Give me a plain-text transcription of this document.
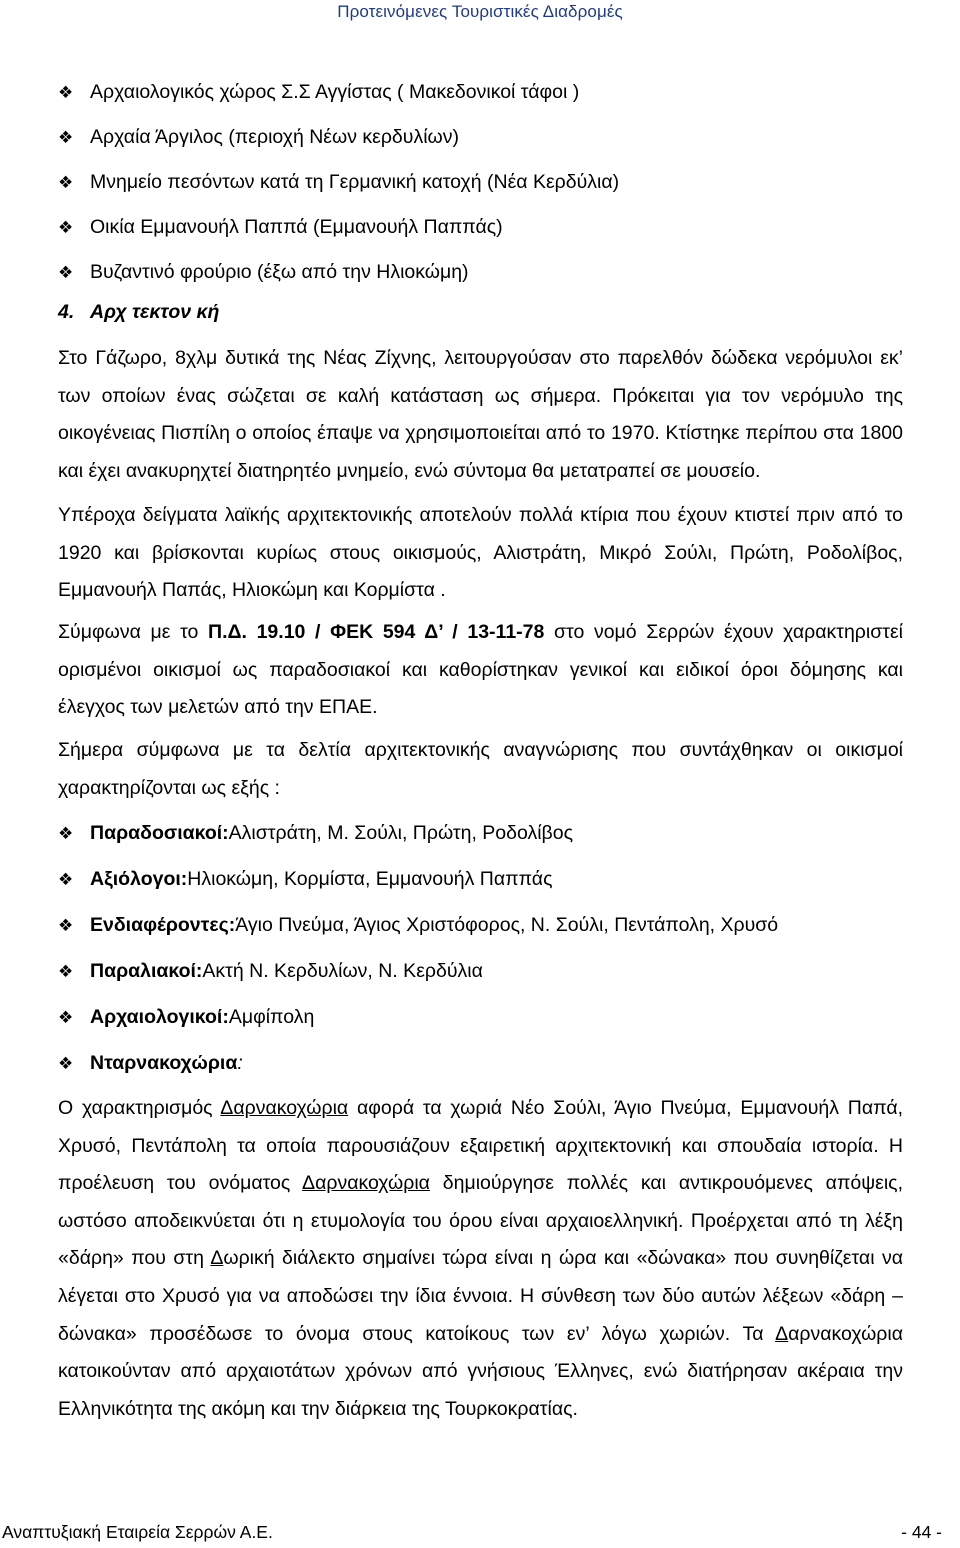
Προτεινόμενες Τουριστικές Διαδρομές
❖ Αρχαιολογικός χώρος Σ.Σ Αγγίστας ( Μακεδονικοί τάφοι )
❖ Αρχαία Άργιλος (περιοχή Νέων κερδυλίων)
❖ Μνημείο πεσόντων κατά τη Γερμανική κατοχή (Νέα Κερδύλια)
❖ Οικία Εμμανουήλ Παππά (Εμμανουήλ Παππάς)
❖ Βυζαντινό φρούριο (έξω από την Ηλιοκώμη)
4. Αρχ τεκτον κή
Στο Γάζωρο, 8χλμ δυτικά της Νέας Ζίχνης, λειτουργούσαν στο παρελθόν δώδεκα νερόμυλοι εκ’ των οποίων ένας σώζεται σε καλή κατάσταση ως σήμερα. Πρόκειται για τον νερόμυλο της οικογένειας Πισπίλη ο οποίος έπαψε να χρησιμοποιείται από το 1970. Κτίστηκε περίπου στα 1800 και έχει ανακυρηχτεί διατηρητέο μνημείο, ενώ σύντομα θα μετατραπεί σε μουσείο.
Υπέροχα δείγματα λαϊκής αρχιτεκτονικής αποτελούν πολλά κτίρια που έχουν κτιστεί πριν από το 1920 και βρίσκονται κυρίως στους οικισμούς, Αλιστράτη, Μικρό Σούλι, Πρώτη, Ροδολίβος, Εμμανουήλ Παπάς, Ηλιοκώμη και Κορμίστα .
Σύμφωνα με το Π.Δ. 19.10 / ΦΕΚ 594 Δ’ / 13-11-78 στο νομό Σερρών έχουν χαρακτηριστεί ορισμένοι οικισμοί ως παραδοσιακοί και καθορίστηκαν γενικοί και ειδικοί όροι δόμησης και έλεγχος των μελετών από την ΕΠΑΕ.
Σήμερα σύμφωνα με τα δελτία αρχιτεκτονικής αναγνώρισης που συντάχθηκαν οι οικισμοί χαρακτηρίζονται ως εξής :
❖ Παραδοσιακοί: Αλιστράτη, Μ. Σούλι, Πρώτη, Ροδολίβος
❖ Αξιόλογοι: Ηλιοκώμη, Κορμίστα, Εμμανουήλ Παππάς
❖ Ενδιαφέροντες: Άγιο Πνεύμα, Άγιος Χριστόφορος, Ν. Σούλι, Πεντάπολη, Χρυσό
❖ Παραλιακοί: Ακτή Ν. Κερδυλίων, Ν. Κερδύλια
❖ Αρχαιολογικοί: Αμφίπολη
❖ Νταρνακοχώρια :
Ο χαρακτηρισμός Δαρνακοχώρια αφορά τα χωριά Νέο Σούλι, Άγιο Πνεύμα, Εμμανουήλ Παπά, Χρυσό, Πεντάπολη τα οποία παρουσιάζουν εξαιρετική αρχιτεκτονική και σπουδαία ιστορία. Η προέλευση του ονόματος Δαρνακοχώρια δημιούργησε πολλές και αντικρουόμενες απόψεις, ωστόσο αποδεικνύεται ότι η ετυμολογία του όρου είναι αρχαιοελληνική. Προέρχεται από τη λέξη «δάρη» που στη Δωρική διάλεκτο σημαίνει τώρα είναι η ώρα και «δώνακα» που συνηθίζεται να λέγεται στο Χρυσό για να αποδώσει την ίδια έννοια. Η σύνθεση των δύο αυτών λέξεων «δάρη – δώνακα» προσέδωσε το όνομα στους κατοίκους των εν’ λόγω χωριών. Τα Δαρνακοχώρια κατοικούνταν από αρχαιοτάτων χρόνων από γνήσιους Έλληνες, ενώ διατήρησαν ακέραια την Ελληνικότητα της ακόμη και την διάρκεια της Τουρκοκρατίας.
Αναπτυξιακή Εταιρεία Σερρών Α.Ε.	- 44 -
